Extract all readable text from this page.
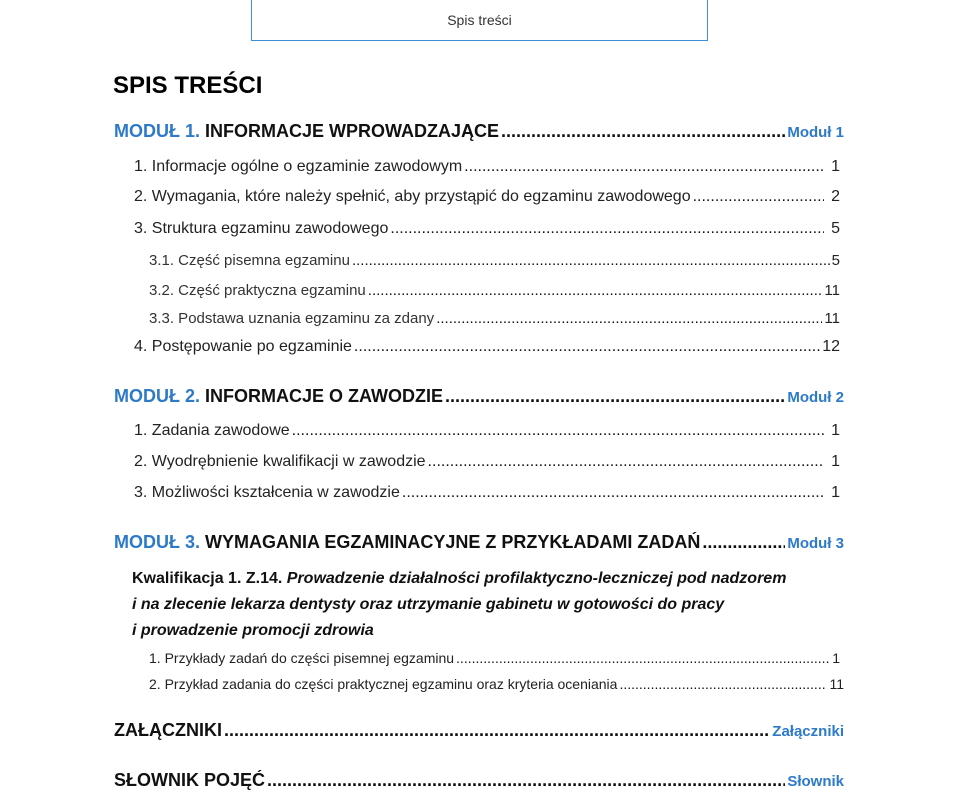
Spis treści
SPIS TREŚCI
MODUŁ 1. INFORMACJE WPROWADZAJĄCE .....	Moduł 1
1. Informacje ogólne o egzaminie zawodowym .....	1
2. Wymagania, które należy spełnić, aby przystąpić do egzaminu zawodowego .....	2
3. Struktura egzaminu zawodowego .....	5
3.1. Część pisemna egzaminu .....	5
3.2. Część praktyczna egzaminu .....	11
3.3. Podstawa uznania egzaminu za zdany .....	11
4. Postępowanie po egzaminie .....	12
MODUŁ 2. INFORMACJE O ZAWODZIE .....	Moduł 2
1. Zadania zawodowe .....	1
2. Wyodrębnienie kwalifikacji w zawodzie .....	1
3. Możliwości kształcenia w zawodzie .....	1
MODUŁ 3. WYMAGANIA EGZAMINACYJNE Z PRZYKŁADAMI ZADAŃ .....	Moduł 3
Kwalifikacja 1. Z.14. Prowadzenie działalności profilaktyczno-leczniczej pod nadzorem
i na zlecenie lekarza dentysty oraz utrzymanie gabinetu w gotowości do pracy
i prowadzenie promocji zdrowia
1. Przykłady zadań do części pisemnej egzaminu .....	1
2. Przykład zadania do części praktycznej egzaminu oraz kryteria oceniania .....	11
ZAŁĄCZNIKI .....	Załączniki
SŁOWNIK POJĘĆ .....	Słownik
